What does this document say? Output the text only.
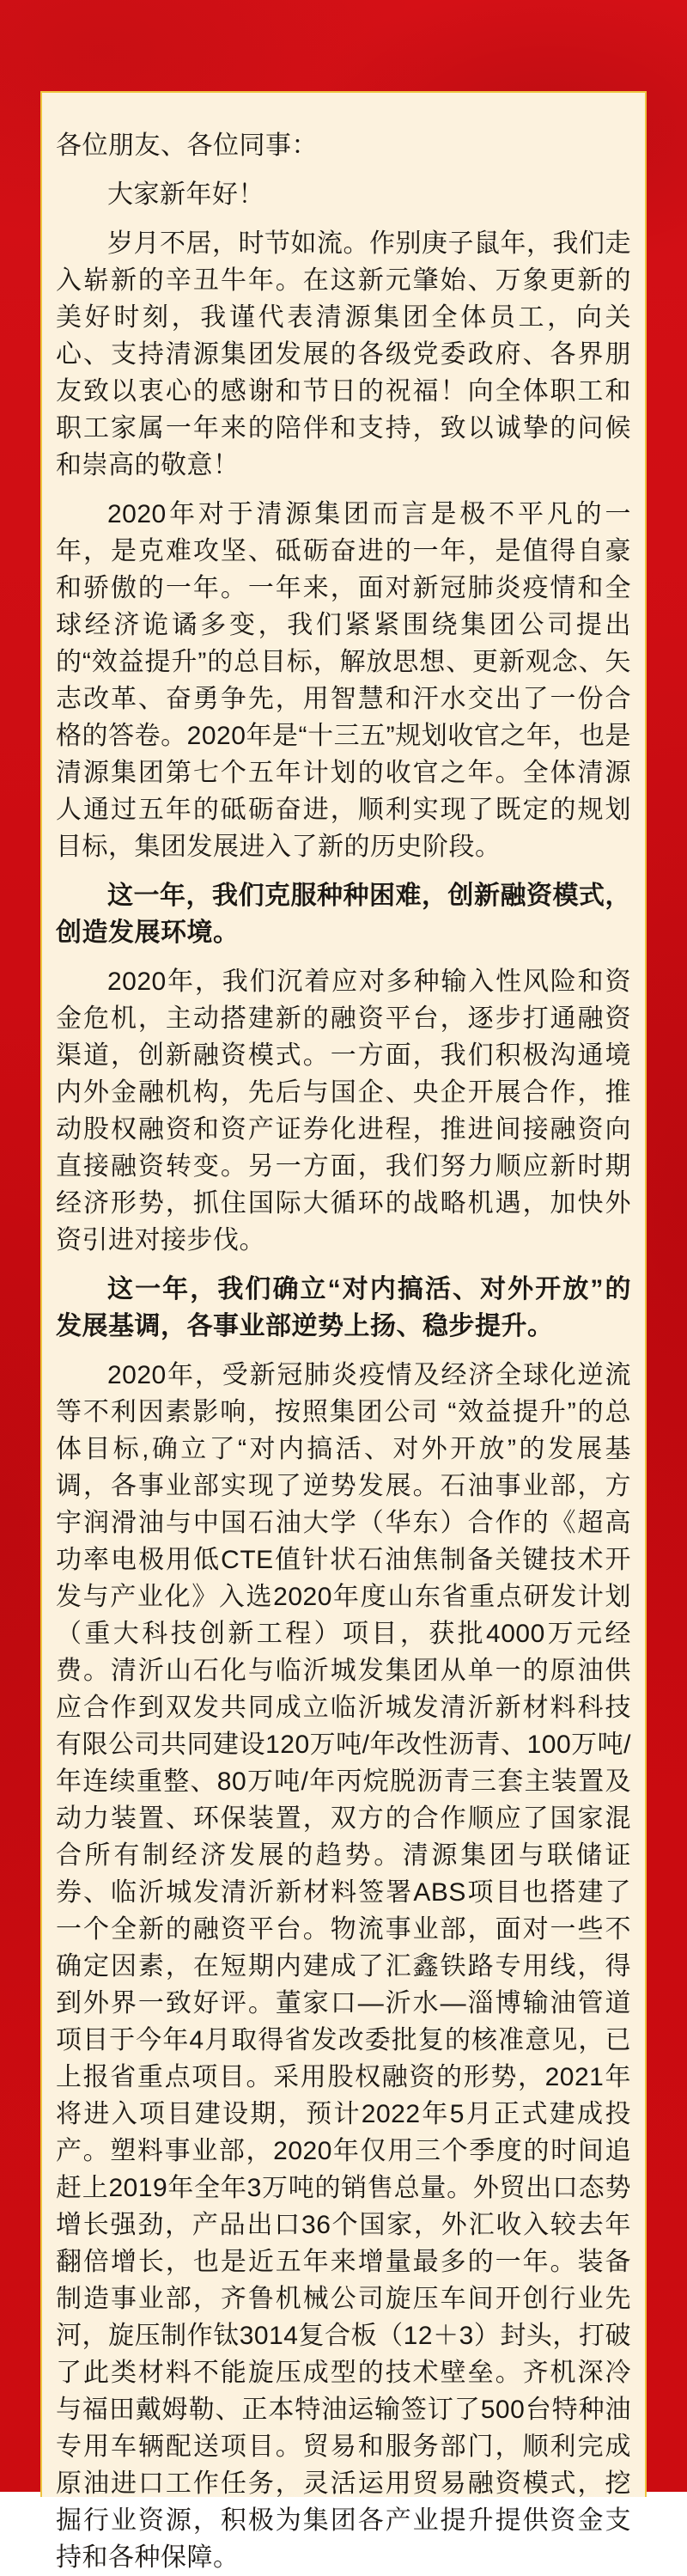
各位朋友、各位同事：

大家新年好！

岁月不居，时节如流。作别庚子鼠年，我们走入崭新的辛丑牛年。在这新元肇始、万象更新的美好时刻，我谨代表清源集团全体员工，向关心、支持清源集团发展的各级党委政府、各界朋友致以衷心的感谢和节日的祝福！向全体职工和职工家属一年来的陪伴和支持，致以诚挚的问候和崇高的敬意！

2020年对于清源集团而言是极不平凡的一年，是克难攻坚、砥砺奋进的一年，是值得自豪和骄傲的一年。一年来，面对新冠肺炎疫情和全球经济诡谲多变，我们紧紧围绕集团公司提出的“效益提升”的总目标，解放思想、更新观念、矢志改革、奋勇争先，用智慧和汗水交出了一份合格的答卷。2020年是“十三五”规划收官之年，也是清源集团第七个五年计划的收官之年。全体清源人通过五年的砥砺奋进，顺利实现了既定的规划目标，集团发展进入了新的历史阶段。

这一年，我们克服种种困难，创新融资模式，创造发展环境。

2020年，我们沉着应对多种输入性风险和资金危机，主动搭建新的融资平台，逐步打通融资渠道，创新融资模式。一方面，我们积极沟通境内外金融机构，先后与国企、央企开展合作，推动股权融资和资产证券化进程，推进间接融资向直接融资转变。另一方面，我们努力顺应新时期经济形势，抓住国际大循环的战略机遇，加快外资引进对接步伐。

这一年，我们确立“对内搞活、对外开放”的发展基调，各事业部逆势上扬、稳步提升。

2020年，受新冠肺炎疫情及经济全球化逆流等不利因素影响，按照集团公司 “效益提升”的总体目标,确立了“对内搞活、对外开放”的发展基调，各事业部实现了逆势发展。石油事业部，方宇润滑油与中国石油大学（华东）合作的《超高功率电极用低CTE值针状石油焦制备关键技术开发与产业化》入选2020年度山东省重点研发计划（重大科技创新工程）项目，获批4000万元经费。清沂山石化与临沂城发集团从单一的原油供应合作到双发共同成立临沂城发清沂新材料科技有限公司共同建设120万吨/年改性沥青、100万吨/年连续重整、80万吨/年丙烷脱沥青三套主装置及动力装置、环保装置，双方的合作顺应了国家混合所有制经济发展的趋势。清源集团与联储证券、临沂城发清沂新材料签署ABS项目也搭建了一个全新的融资平台。物流事业部，面对一些不确定因素，在短期内建成了汇鑫铁路专用线，得到外界一致好评。董家口—沂水—淄博输油管道项目于今年4月取得省发改委批复的核准意见，已上报省重点项目。采用股权融资的形势，2021年将进入项目建设期，预计2022年5月正式建成投产。塑料事业部，2020年仅用三个季度的时间追赶上2019年全年3万吨的销售总量。外贸出口态势增长强劲，产品出口36个国家，外汇收入较去年翻倍增长，也是近五年来增量最多的一年。装备制造事业部，齐鲁机械公司旋压车间开创行业先河，旋压制作钛3014复合板（12＋3）封头，打破了此类材料不能旋压成型的技术壁垒。齐机深冷与福田戴姆勒、正本特油运输签订了500台特种油专用车辆配送项目。贸易和服务部门，顺利完成原油进口工作任务，灵活运用贸易融资模式，挖掘行业资源，积极为集团各产业提升提供资金支持和各种保障。
